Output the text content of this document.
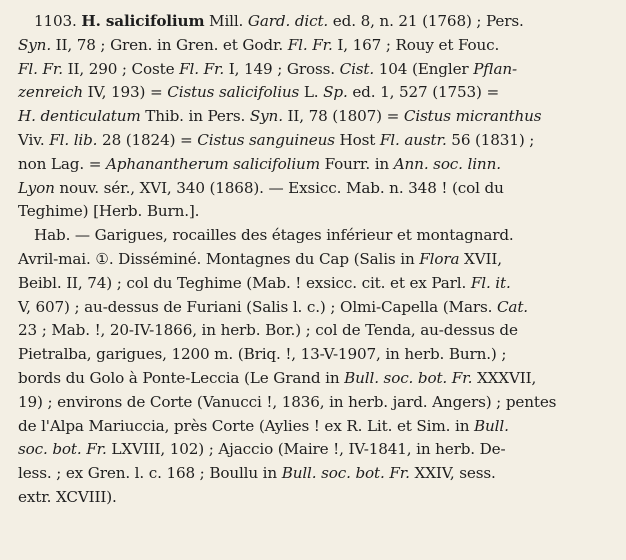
1103. H. salicifolium Mill. Gard. dict. ed. 8, n. 21 (1768) ; Pers.
Syn. II, 78 ; Gren. in Gren. et Godr. Fl. Fr. I, 167 ; Rouy et Fouc.
Fl. Fr. II, 290 ; Coste Fl. Fr. I, 149 ; Gross. Cist. 104 (Engler Pflan-
zenreich IV, 193) = Cistus salicifolius L. Sp. ed. 1, 527 (1753) =
H. denticulatum Thib. in Pers. Syn. II, 78 (1807) = Cistus micranthus
Viv. Fl. lib. 28 (1824) = Cistus sanguineus Host Fl. austr. 56 (1831) ;
non Lag. = Aphanantherum salicifolium Fourr. in Ann. soc. linn.
Lyon nouv. sér., XVI, 340 (1868). — Exsicc. Mab. n. 348 ! (col du
Teghime) [Herb. Burn.].
Hab. — Garigues, rocailles des étages inférieur et montagnard.
Avril-mai. ①. Disséminé. Montagnes du Cap (Salis in Flora XVII,
Beibl. II, 74) ; col du Teghime (Mab. ! exsicc. cit. et ex Parl. Fl. it.
V, 607) ; au-dessus de Furiani (Salis l. c.) ; Olmi-Capella (Mars. Cat.
23 ; Mab. !, 20-IV-1866, in herb. Bor.) ; col de Tenda, au-dessus de
Pietralba, garigues, 1200 m. (Briq. !, 13-V-1907, in herb. Burn.) ;
bords du Golo à Ponte-Leccia (Le Grand in Bull. soc. bot. Fr. XXXVII,
19) ; environs de Corte (Vanucci !, 1836, in herb. jard. Angers) ; pentes
de l'Alpa Mariuccia, près Corte (Aylies ! ex R. Lit. et Sim. in Bull.
soc. bot. Fr. LXVIII, 102) ; Ajaccio (Maire !, IV-1841, in herb. De-
less. ; ex Gren. l. c. 168 ; Boullu in Bull. soc. bot. Fr. XXIV, sess.
extr. XCVIII).
